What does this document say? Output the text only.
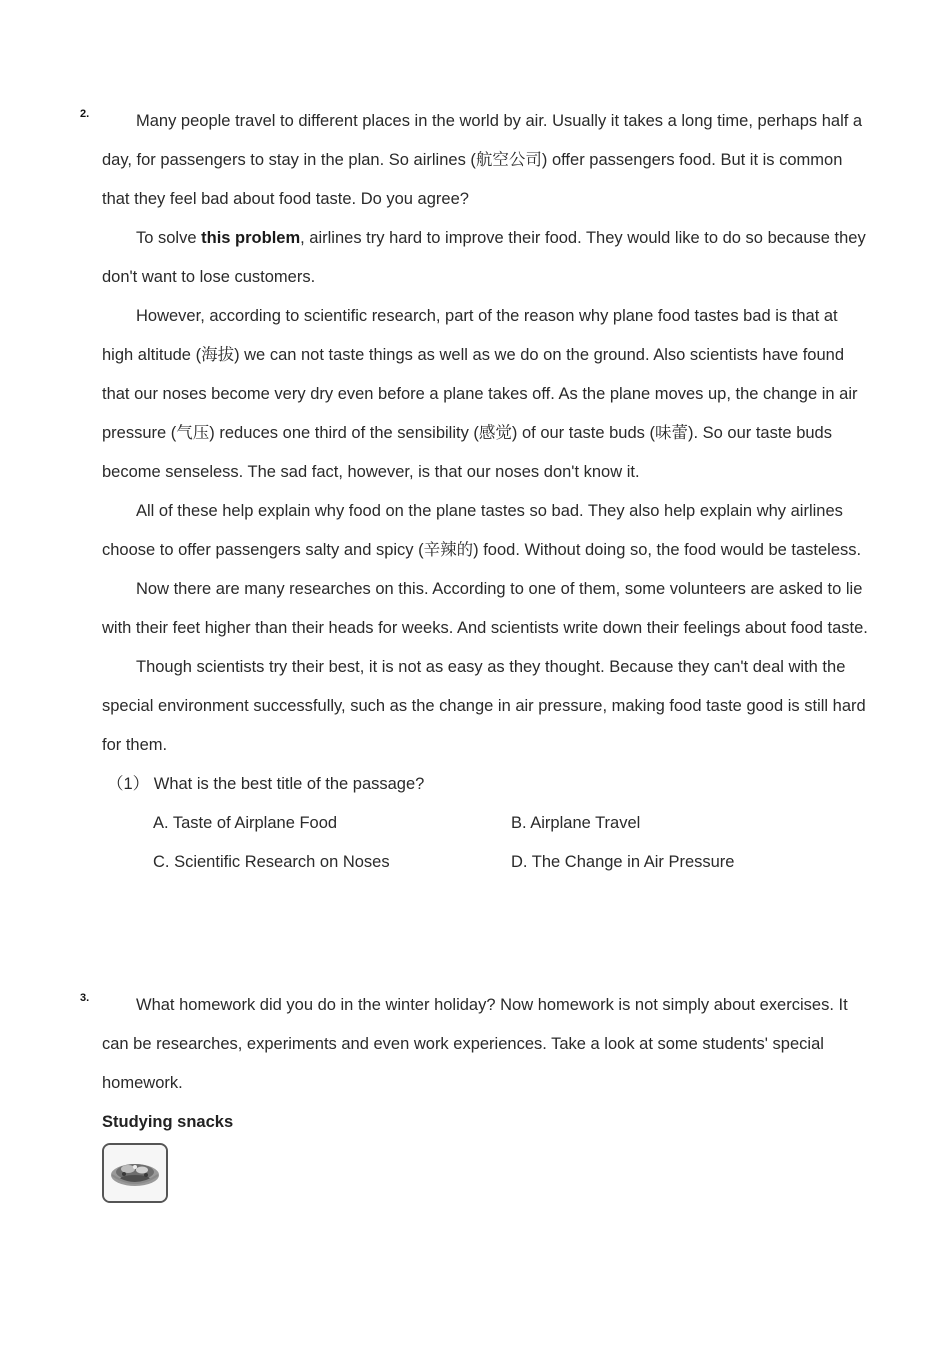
2.	Many people travel to different places in the world by air. Usually it takes a long time, perhaps half a day, for passengers to stay in the plan. So airlines (航空公司) offer passengers food. But it is common that they feel bad about food taste. Do you agree?

To solve this problem, airlines try hard to improve their food. They would like to do so because they don't want to lose customers.

However, according to scientific research, part of the reason why plane food tastes bad is that at high altitude (海拔) we can not taste things as well as we do on the ground. Also scientists have found that our noses become very dry even before a plane takes off. As the plane moves up, the change in air pressure (气压) reduces one third of the sensibility (感觉) of our taste buds (味蕾). So our taste buds become senseless. The sad fact, however, is that our noses don't know it.

All of these help explain why food on the plane tastes so bad. They also help explain why airlines choose to offer passengers salty and spicy (辛辣的) food. Without doing so, the food would be tasteless.

Now there are many researches on this. According to one of them, some volunteers are asked to lie with their feet higher than their heads for weeks. And scientists write down their feelings about food taste.

Though scientists try their best, it is not as easy as they thought. Because they can't deal with the special environment successfully, such as the change in air pressure, making food taste good is still hard for them.

（1） What is the best title of the passage?

A. Taste of Airplane Food	B. Airplane Travel
C. Scientific Research on Noses	D. The Change in Air Pressure
3.	What homework did you do in the winter holiday? Now homework is not simply about exercises. It can be researches, experiments and even work experiences. Take a look at some students' special homework.

Studying snacks
